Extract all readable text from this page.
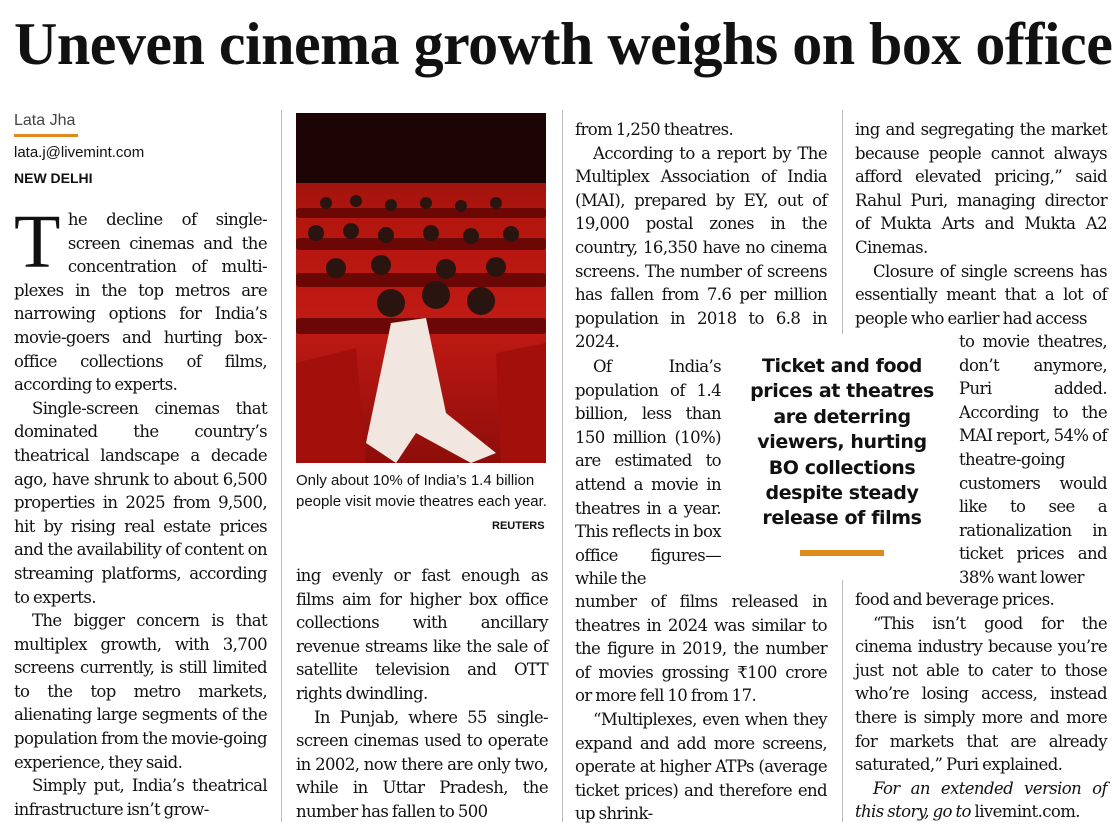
Uneven cinema growth weighs on box office
Lata Jha
lata.j@livemint.com
NEW DELHI

The decline of single-screen cinemas and the concentration of multi-plexes in the top metros are narrowing options for India’s movie-goers and hurting box-office collections of films, according to experts.

Single-screen cinemas that dominated the country’s theatrical landscape a decade ago, have shrunk to about 6,500 properties in 2025 from 9,500, hit by rising real estate prices and the availability of content on streaming platforms, according to experts.

The bigger concern is that multiplex growth, with 3,700 screens currently, is still limited to the top metro markets, alienating large segments of the population from the movie-going experience, they said.

Simply put, India’s theatrical infrastructure isn’t grow-

Only about 10% of India’s 1.4 billion people visit movie theatres each year.
REUTERS

ing evenly or fast enough as films aim for higher box office collections with ancillary revenue streams like the sale of satellite television and OTT rights dwindling.

In Punjab, where 55 single-screen cinemas used to operate in 2002, now there are only two, while in Uttar Pradesh, the number has fallen to 500

from 1,250 theatres.

According to a report by The Multiplex Association of India (MAI), prepared by EY, out of 19,000 postal zones in the country, 16,350 have no cinema screens. The number of screens has fallen from 7.6 per million population in 2018 to 6.8 in 2024.

Of India’s population of 1.4 billion, less than 150 million (10%) are estimated to attend a movie in theatres in a year. This reflects in box office figures—while the

number of films released in theatres in 2024 was similar to the figure in 2019, the number of movies grossing ₹100 crore or more fell 10 from 17.

“Multiplexes, even when they expand and add more screens, operate at higher ATPs (average ticket prices) and therefore end up shrink-

Ticket and food prices at theatres are deterring viewers, hurting BO collections despite steady release of films

ing and segregating the market because people cannot always afford elevated pricing,” said Rahul Puri, managing director of Mukta Arts and Mukta A2 Cinemas.

Closure of single screens has essentially meant that a lot of people who earlier had access

to movie theatres, don’t anymore, Puri added. According to the MAI report, 54% of theatre-going customers would like to see a rationalization in ticket prices and 38% want lower

food and beverage prices.

“This isn’t good for the cinema industry because you’re just not able to cater to those who’re losing access, instead there is simply more and more for markets that are already saturated,” Puri explained.

For an extended version of this story, go to livemint.com.
